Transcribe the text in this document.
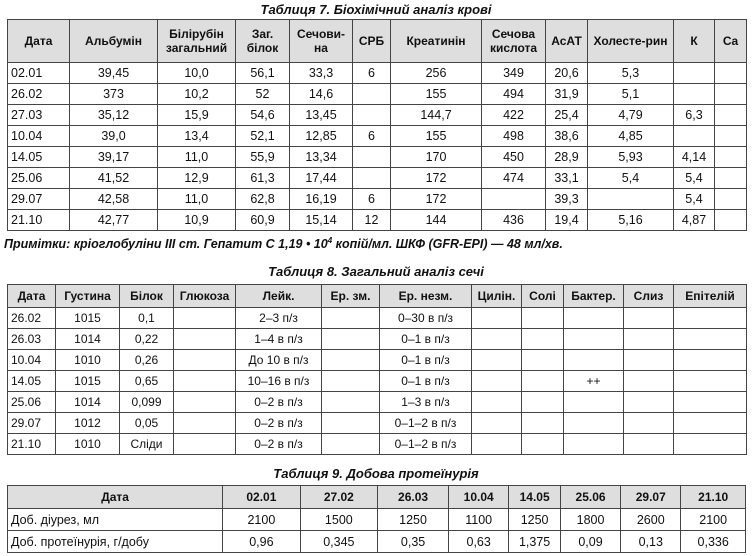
Таблиця 7. Біохімічний аналіз крові
Дата	Альбумін	Білірубін загальний	Заг. білок	Сечови-на	СРБ	Креатинін	Сечова кислота	АсАТ	Холесте-рин	К	Ca
02.01	39,45	10,0	56,1	33,3	6	256	349	20,6	5,3		
26.02	373	10,2	52	14,6		155	494	31,9	5,1		
27.03	35,12	15,9	54,6	13,45		144,7	422	25,4	4,79	6,3	
10.04	39,0	13,4	52,1	12,85	6	155	498	38,6	4,85		
14.05	39,17	11,0	55,9	13,34		170	450	28,9	5,93	4,14	
25.06	41,52	12,9	61,3	17,44		172	474	33,1	5,4	5,4	
29.07	42,58	11,0	62,8	16,19	6	172		39,3		5,4	
21.10	42,77	10,9	60,9	15,14	12	144	436	19,4	5,16	4,87	
Примітки: кріоглобуліни III ст. Гепатит С 1,19 • $10^4$ копій/мл. ШКФ (GFR-EPI) — 48 мл/хв.
Таблиця 8. Загальний аналіз сечі
Дата	Густина	Білок	Глюкоза	Лейк.	Ер. зм.	Ер. незм.	Цилін.	Солі	Бактер.	Слиз	Епітелій
26.02	1015	0,1		2–3 п/з		0–30 в п/з					
26.03	1014	0,22		1–4 в п/з		0–1 в п/з					
10.04	1010	0,26		До 10 в п/з		0–1 в п/з					
14.05	1015	0,65		10–16 в п/з		0–1 в п/з			++		
25.06	1014	0,099		0–2 в п/з		1–3 в п/з					
29.07	1012	0,05		0–2 в п/з		0–1–2 в п/з					
21.10	1010	Сліди		0–2 в п/з		0–1–2 в п/з					
Таблиця 9. Добова протеїнурія
Дата	02.01	27.02	26.03	10.04	14.05	25.06	29.07	21.10
Доб. діурез, мл	2100	1500	1250	1100	1250	1800	2600	2100
Доб. протеїнурія, г/добу	0,96	0,345	0,35	0,63	1,375	0,09	0,13	0,336
